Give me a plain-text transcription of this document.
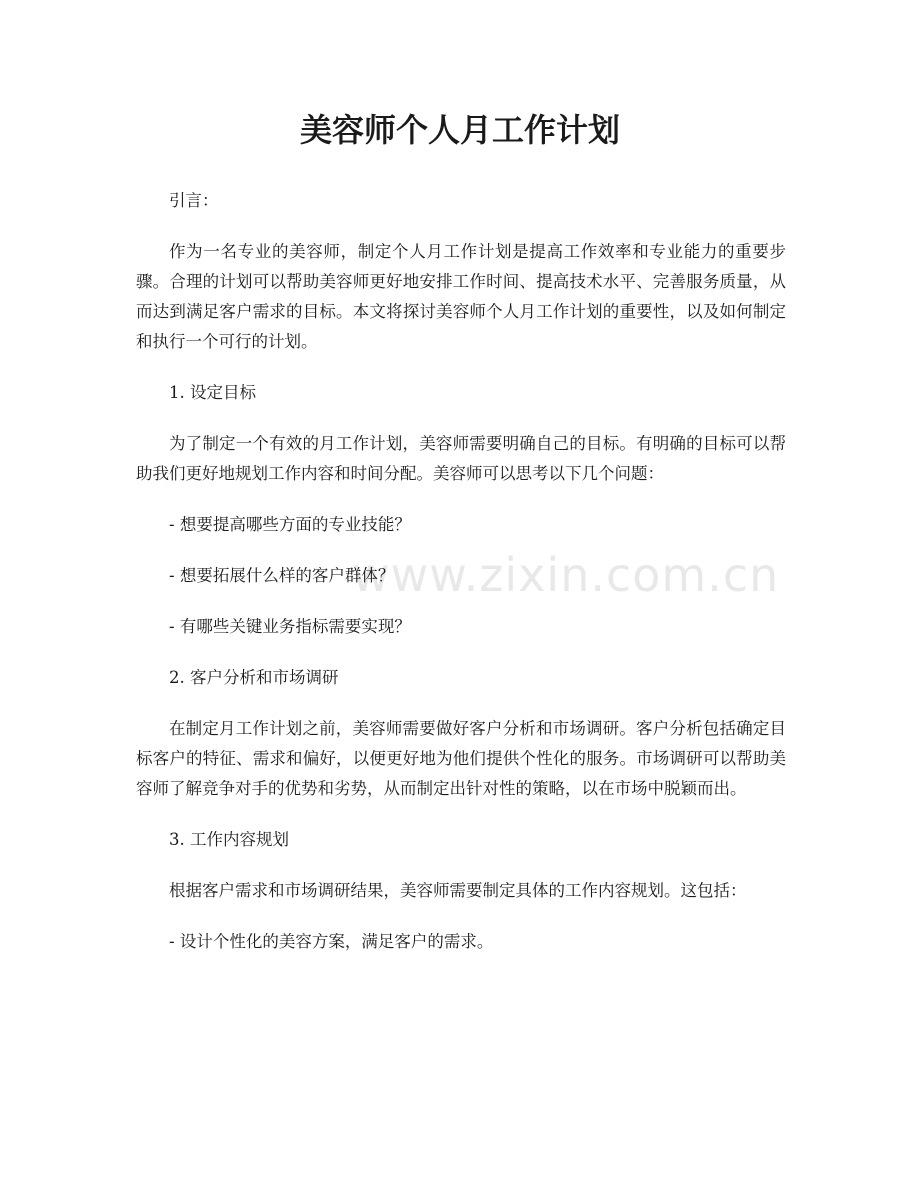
美容师个人月工作计划

引言：

作为一名专业的美容师，制定个人月工作计划是提高工作效率和专业能力的重要步骤。合理的计划可以帮助美容师更好地安排工作时间、提高技术水平、完善服务质量，从而达到满足客户需求的目标。本文将探讨美容师个人月工作计划的重要性，以及如何制定和执行一个可行的计划。

1. 设定目标

为了制定一个有效的月工作计划，美容师需要明确自己的目标。有明确的目标可以帮助我们更好地规划工作内容和时间分配。美容师可以思考以下几个问题：

- 想要提高哪些方面的专业技能？

- 想要拓展什么样的客户群体？

- 有哪些关键业务指标需要实现？

2. 客户分析和市场调研

在制定月工作计划之前，美容师需要做好客户分析和市场调研。客户分析包括确定目标客户的特征、需求和偏好，以便更好地为他们提供个性化的服务。市场调研可以帮助美容师了解竞争对手的优势和劣势，从而制定出针对性的策略，以在市场中脱颖而出。

3. 工作内容规划

根据客户需求和市场调研结果，美容师需要制定具体的工作内容规划。这包括：

- 设计个性化的美容方案，满足客户的需求。

www.zixin.com.cn
